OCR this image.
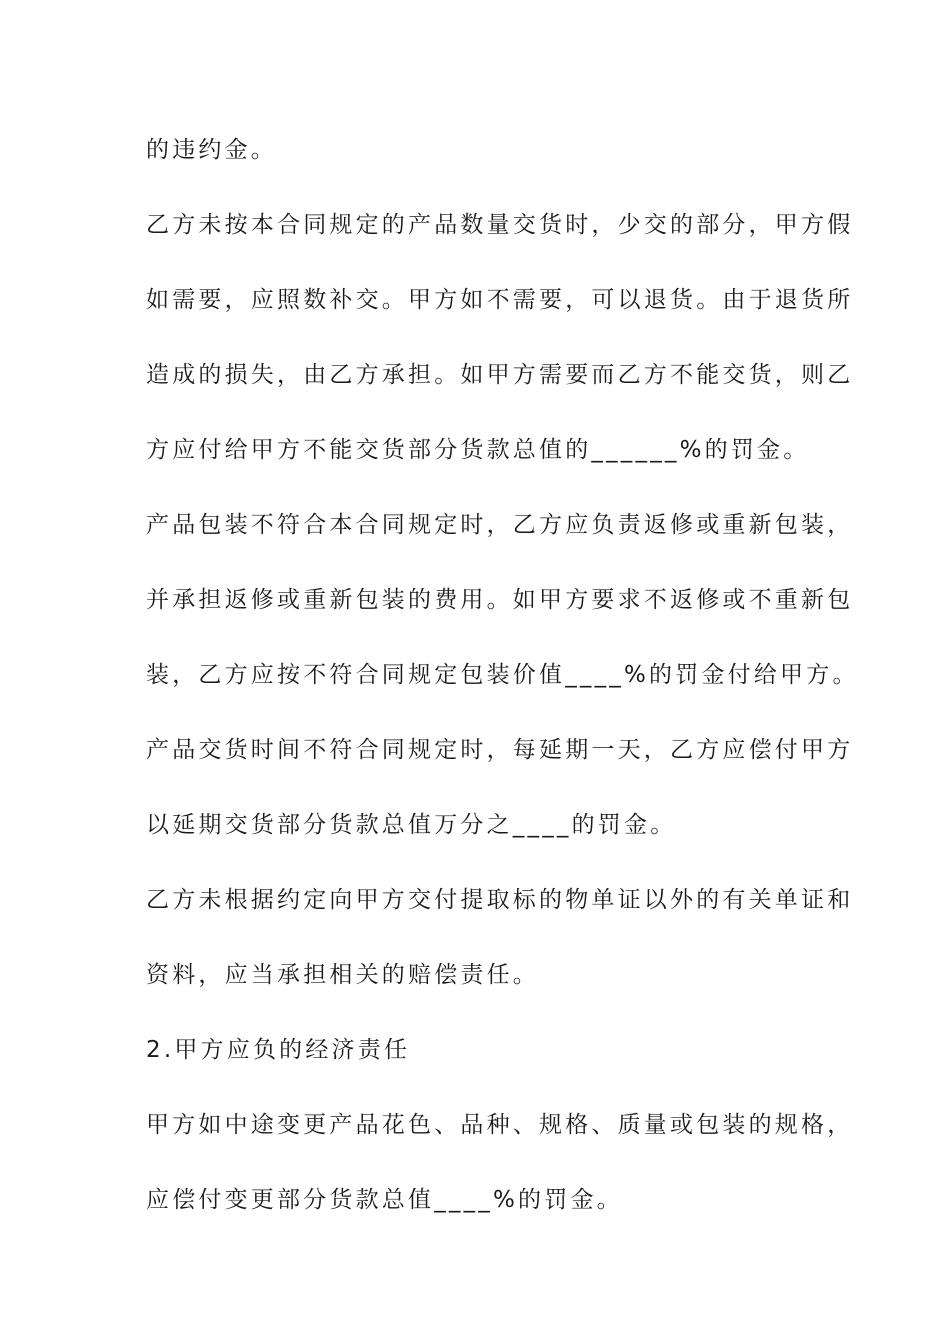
的违约金。
乙方未按本合同规定的产品数量交货时，少交的部分，甲方假
如需要，应照数补交。甲方如不需要，可以退货。由于退货所
造成的损失，由乙方承担。如甲方需要而乙方不能交货，则乙
方应付给甲方不能交货部分货款总值的______%的罚金。
产品包装不符合本合同规定时，乙方应负责返修或重新包装，
并承担返修或重新包装的费用。如甲方要求不返修或不重新包
装，乙方应按不符合同规定包装价值____%的罚金付给甲方。
产品交货时间不符合同规定时，每延期一天，乙方应偿付甲方
以延期交货部分货款总值万分之____的罚金。
乙方未根据约定向甲方交付提取标的物单证以外的有关单证和
资料，应当承担相关的赔偿责任。
2.甲方应负的经济责任
甲方如中途变更产品花色、品种、规格、质量或包装的规格，
应偿付变更部分货款总值____%的罚金。
